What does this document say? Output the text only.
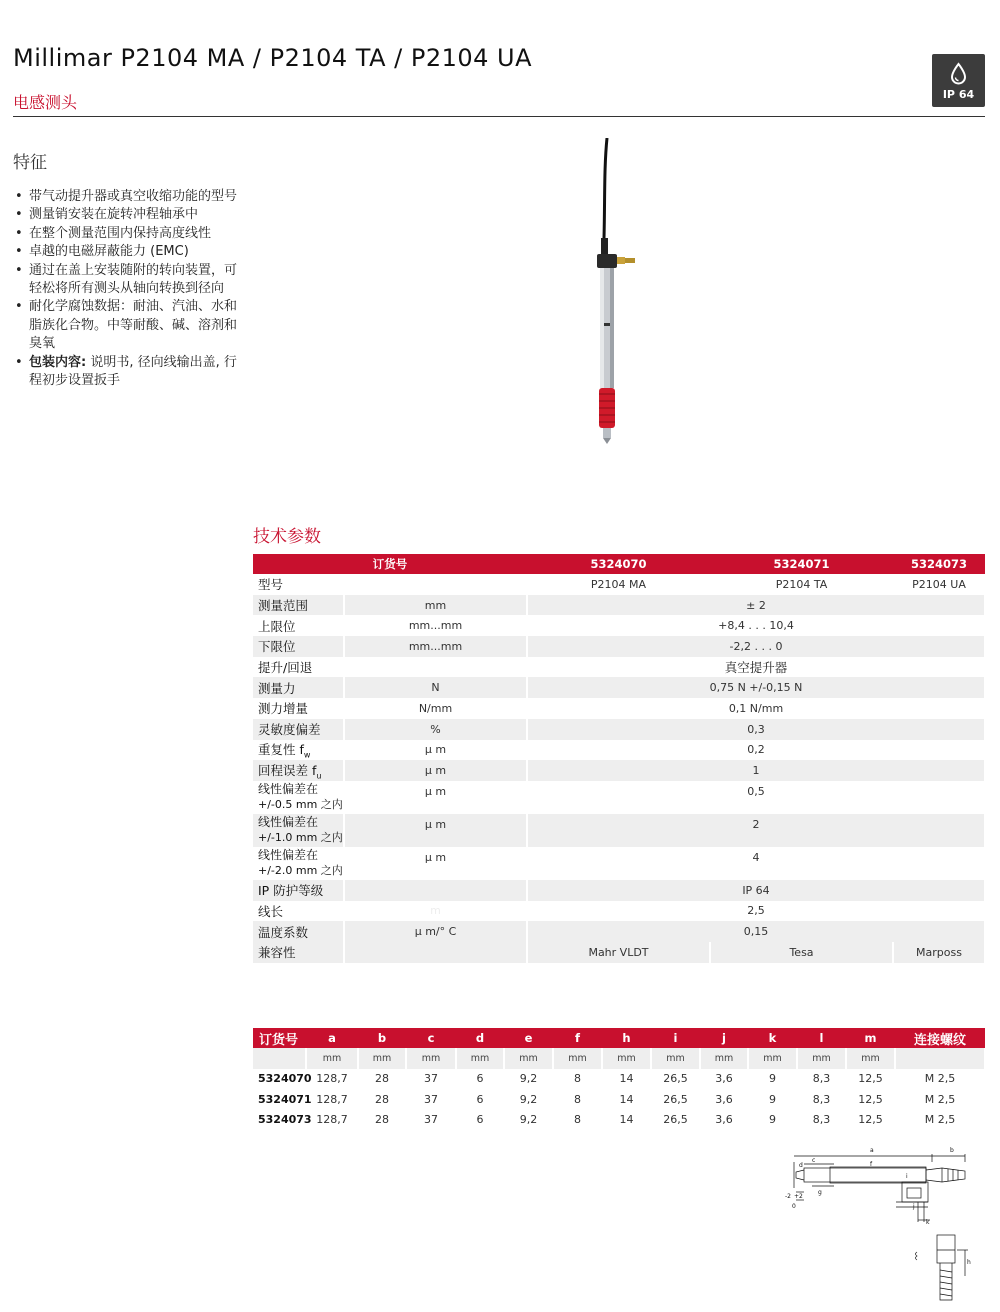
Millimar P2104 MA / P2104 TA / P2104 UA
电感测头	IP 64
特征
• 带气动提升器或真空收缩功能的型号
• 测量销安装在旋转冲程轴承中
• 在整个测量范围内保持高度线性
• 卓越的电磁屏蔽能力 (EMC)
• 通过在盖上安装随附的转向装置，可轻松将所有测头从轴向转换到径向
• 耐化学腐蚀数据：耐油、汽油、水和脂族化合物。中等耐酸、碱、溶剂和臭氧
• 包装内容: 说明书, 径向线输出盖, 行程初步设置扳手
技术参数
订货号		5324070	5324071	5324073
型号		P2104 MA	P2104 TA	P2104 UA
测量范围	mm	± 2		
上限位	mm...mm	+8,4 . . . 10,4		
下限位	mm...mm	-2,2 . . . 0		
提升/回退		真空提升器		
测量力	N	0,75 N +/-0,15 N		
测力增量	N/mm	0,1 N/mm		
灵敏度偏差	%	0,3		
重复性 $f_w$	µ m	0,2		
回程误差 $f_u$	µ m	1		

线性偏差在
+/-0.5 mm 之内	µ m	0,5		

线性偏差在
+/-1.0 mm 之内	µ m	2		

线性偏差在
+/-2.0 mm 之内	µ m	4		
IP 防护等级		IP 64		
线长	m	2,5		
温度系数	µ m/° C	0,15		
兼容性		Mahr VLDT	Tesa	Marposs
订货号	a	b	c	d	e	f	h	i	j	k	l	m	连接螺纹
	mm	mm	mm	mm	mm	mm	mm	mm	mm	mm	mm	mm	
5324070	128,7	28	37	6	9,2	8	14	26,5	3,6	9	8,3	12,5	M 2,5
5324071	128,7	28	37	6	9,2	8	14	26,5	3,6	9	8,3	12,5	M 2,5
5324073	128,7	28	37	6	9,2	8	14	26,5	3,6	9	8,3	12,5	M 2,5
a	b
c
f
d
i
g
j
k
h
-2 +2
0
